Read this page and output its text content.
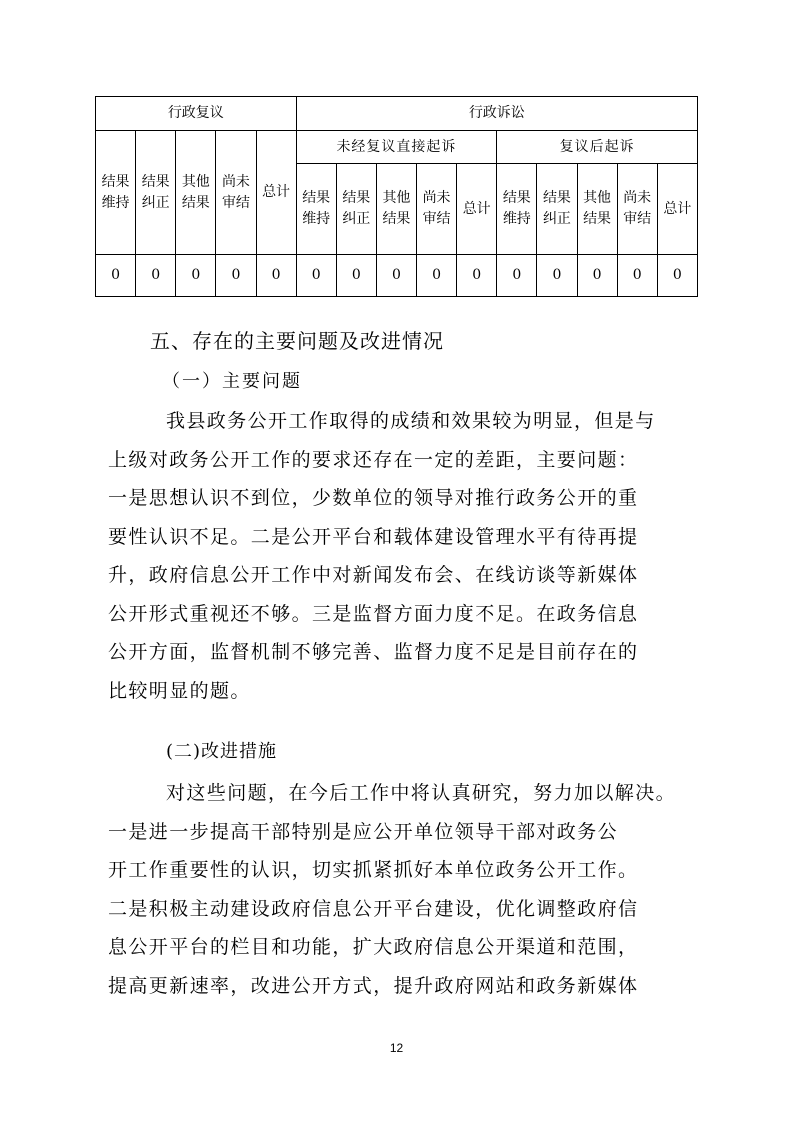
行政复议					行政诉讼									
结果维持	结果纠正	其他结果	尚未审结	总计	未经复议直接起诉					复议后起诉				
					结果维持	结果纠正	其他结果	尚未审结	总计	结果维持	结果纠正	其他结果	尚未审结	总计
0	0	0	0	0	0	0	0	0	0	0	0	0	0	0
五、存在的主要问题及改进情况
（一）主要问题
我县政务公开工作取得的成绩和效果较为明显，但是与
上级对政务公开工作的要求还存在一定的差距，主要问题：
一是思想认识不到位，少数单位的领导对推行政务公开的重
要性认识不足。二是公开平台和载体建设管理水平有待再提
升，政府信息公开工作中对新闻发布会、在线访谈等新媒体
公开形式重视还不够。三是监督方面力度不足。在政务信息
公开方面，监督机制不够完善、监督力度不足是目前存在的
比较明显的题。
(二)改进措施
对这些问题，在今后工作中将认真研究，努力加以解决。
一是进一步提高干部特别是应公开单位领导干部对政务公
开工作重要性的认识，切实抓紧抓好本单位政务公开工作。
二是积极主动建设政府信息公开平台建设，优化调整政府信
息公开平台的栏目和功能，扩大政府信息公开渠道和范围，
提高更新速率，改进公开方式，提升政府网站和政务新媒体
12
